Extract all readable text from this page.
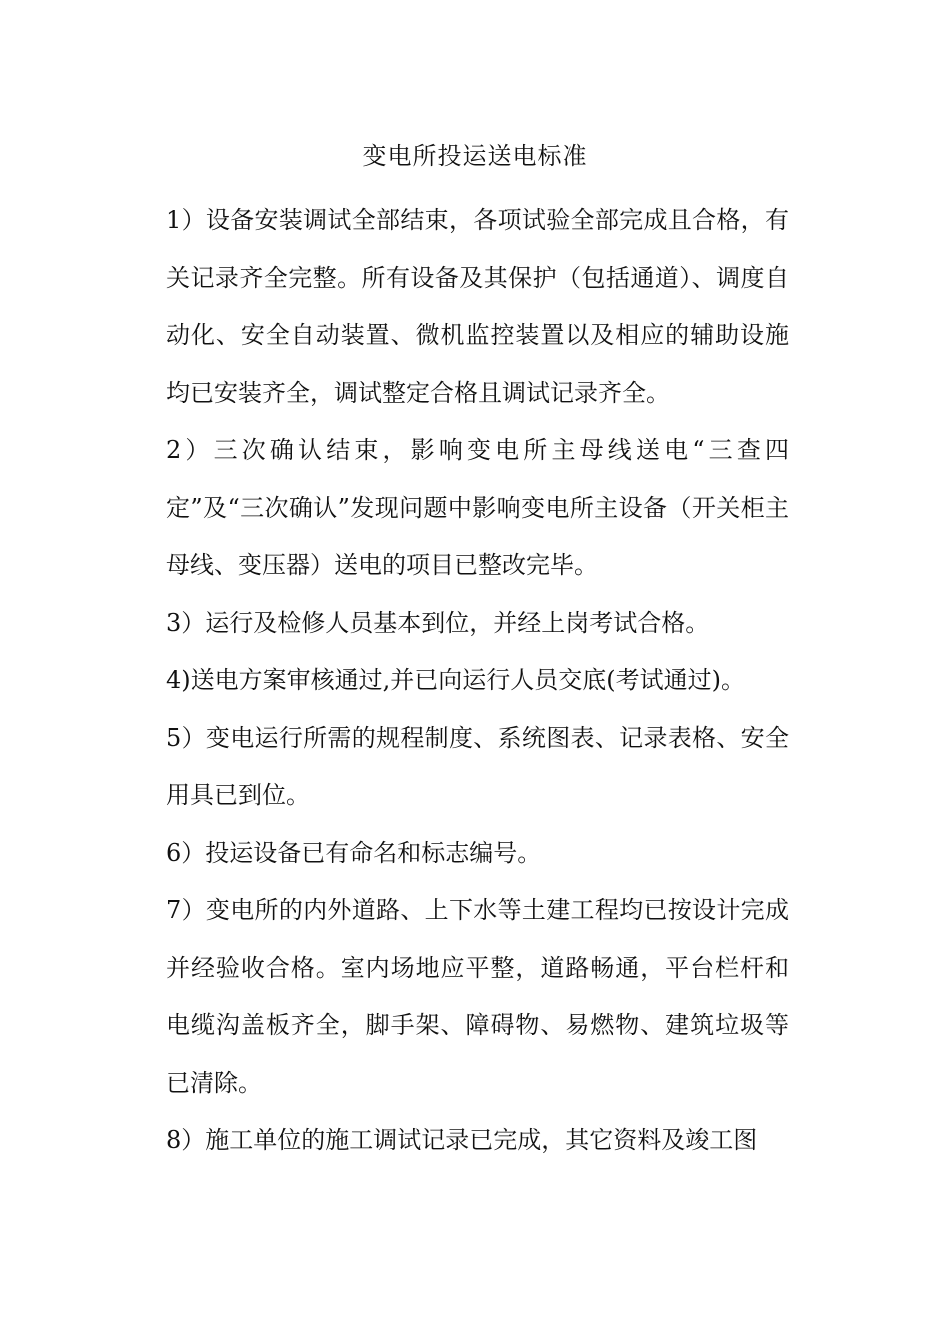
变电所投运送电标准

1）设备安装调试全部结束，各项试验全部完成且合格，有关记录齐全完整。所有设备及其保护（包括通道）、调度自动化、安全自动装置、微机监控装置以及相应的辅助设施均已安装齐全，调试整定合格且调试记录齐全。

2）三次确认结束，影响变电所主母线送电“三查四定”及“三次确认”发现问题中影响变电所主设备（开关柜主母线、变压器）送电的项目已整改完毕。

3）运行及检修人员基本到位，并经上岗考试合格。

4)送电方案审核通过,并已向运行人员交底(考试通过)。

5）变电运行所需的规程制度、系统图表、记录表格、安全用具已到位。

6）投运设备已有命名和标志编号。

7）变电所的内外道路、上下水等土建工程均已按设计完成并经验收合格。室内场地应平整，道路畅通，平台栏杆和电缆沟盖板齐全，脚手架、障碍物、易燃物、建筑垃圾等已清除。

8）施工单位的施工调试记录已完成，其它资料及竣工图
